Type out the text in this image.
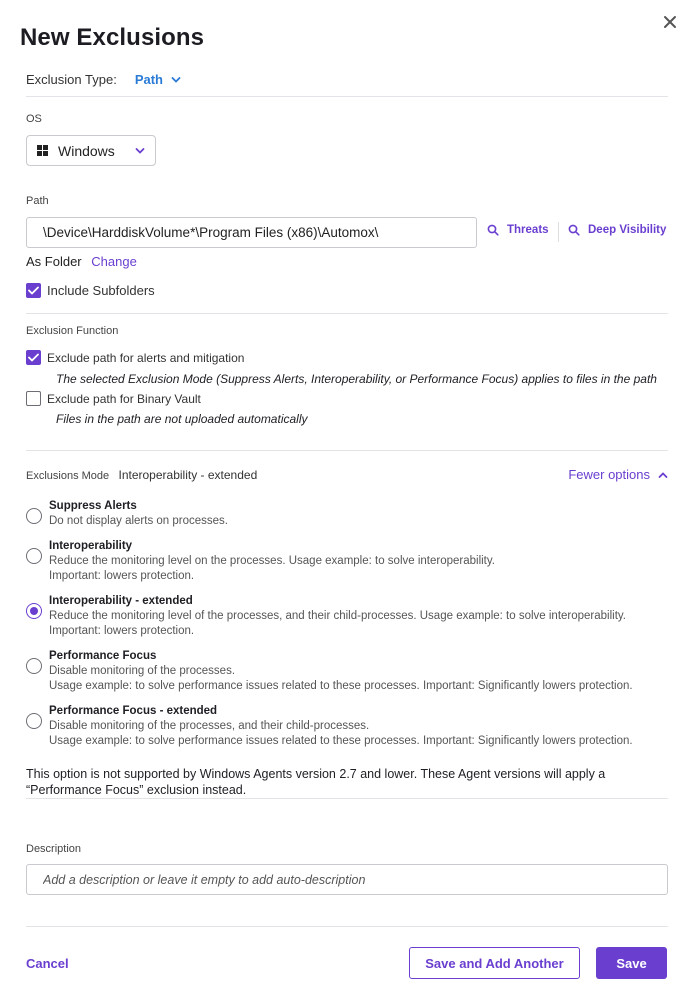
New Exclusions
Exclusion Type: Path
OS
Windows
Path
\Device\HarddiskVolume*\Program Files (x86)\Automox\
Threats	Deep Visibility
As Folder Change
Include Subfolders
Exclusion Function
Exclude path for alerts and mitigation
The selected Exclusion Mode (Suppress Alerts, Interoperability, or Performance Focus) applies to files in the path
Exclude path for Binary Vault
Files in the path are not uploaded automatically
Exclusions Mode Interoperability - extended	Fewer options
Suppress Alerts
Do not display alerts on processes.
Interoperability
Reduce the monitoring level on the processes. Usage example: to solve interoperability.
Important: lowers protection.
Interoperability - extended
Reduce the monitoring level of the processes, and their child-processes. Usage example: to solve interoperability.
Important: lowers protection.
Performance Focus
Disable monitoring of the processes.
Usage example: to solve performance issues related to these processes. Important: Significantly lowers protection.
Performance Focus - extended
Disable monitoring of the processes, and their child-processes.
Usage example: to solve performance issues related to these processes. Important: Significantly lowers protection.
This option is not supported by Windows Agents version 2.7 and lower. These Agent versions will apply a “Performance Focus” exclusion instead.
Description
Add a description or leave it empty to add auto-description
Cancel	Save and Add Another	Save
